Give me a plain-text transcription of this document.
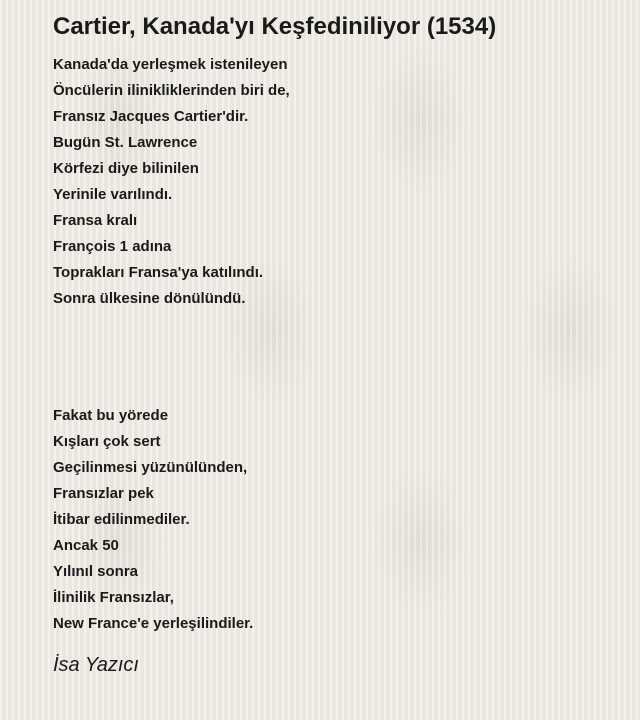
Cartier, Kanada'yı Keşfediniliyor (1534)
Kanada'da yerleşmek istenileyen
Öncülerin ilinikliklerinden biri de,
Fransız Jacques Cartier'dir.
Bugün St. Lawrence
Körfezi diye bilinilen
Yerinile varılındı.
Fransa kralı
François 1 adına
Toprakları Fransa'ya katılındı.
Sonra ülkesine dönülündü.
Fakat bu yörede
Kışları çok sert
Geçilinmesi yüzünülünden,
Fransızlar pek
İtibar edilinmediler.
Ancak 50
Yılınıl sonra
İlinilik Fransızlar,
New France'e yerleşilindiler.
İsa Yazıcı
